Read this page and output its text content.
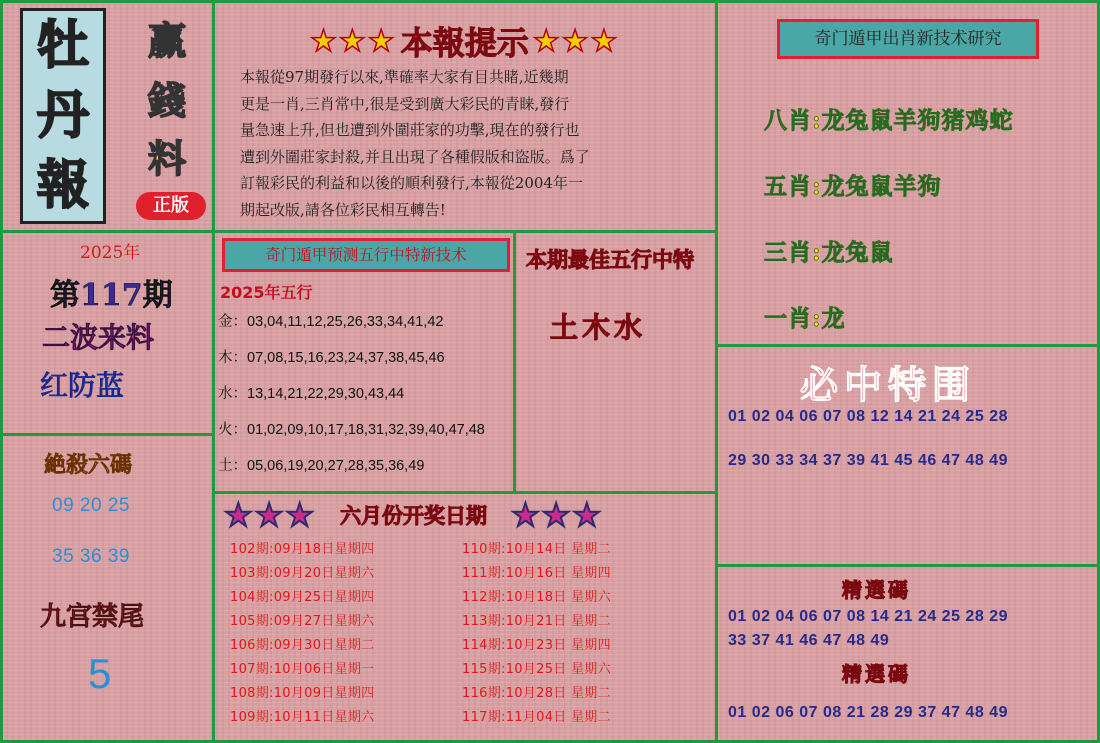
牡
丹
報
赢
錢
料
正版
★★★ 本報提示 ★★★
本報從97期發行以來,準確率大家有目共睹,近幾期
更是一肖,三肖常中,很是受到廣大彩民的青睐,發行
量急速上升,但也遭到外圍莊家的功擊,現在的發行也
遭到外圍莊家封殺,并且出現了各種假版和盜版。爲了
訂報彩民的利益和以後的順利發行,本報從2004年一
期起改版,請各位彩民相互轉告!
奇门遁甲出肖新技术研究
八肖:龙兔鼠羊狗猪鸡蛇
五肖:龙兔鼠羊狗
三肖:龙兔鼠
一肖:龙
2025年
第117期
二波来料
红防蓝
絶殺六碼
09 20 25
35 36 39
九宫禁尾
5
奇门遁甲预测五行中特新技术
2025年五行
金：03,04,11,12,25,26,33,34,41,42
木：07,08,15,16,23,24,37,38,45,46
水：13,14,21,22,29,30,43,44
火：01,02,09,10,17,18,31,32,39,40,47,48
土：05,06,19,20,27,28,35,36,49
本期最佳五行中特
土木水
必中特围
01 02 04 06 07 08 12 14 21 24 25 28
29 30 33 34 37 39 41 45 46 47 48 49
★★★ 六月份开奖日期 ★★★
102期:09月18日星期四
103期:09月20日星期六
104期:09月25日星期四
105期:09月27日星期六
106期:09月30日星期二
107期:10月06日星期一
108期:10月09日星期四
109期:10月11日星期六
110期:10月14日 星期二
111期:10月16日 星期四
112期:10月18日 星期六
113期:10月21日 星期二
114期:10月23日 星期四
115期:10月25日 星期六
116期:10月28日 星期二
117期:11月04日 星期二
精選碼
01 02 04 06 07 08 14 21 24 25 28 29
33 37 41 46 47 48 49
精選碼
01 02 06 07 08 21 28 29 37 47 48 49
